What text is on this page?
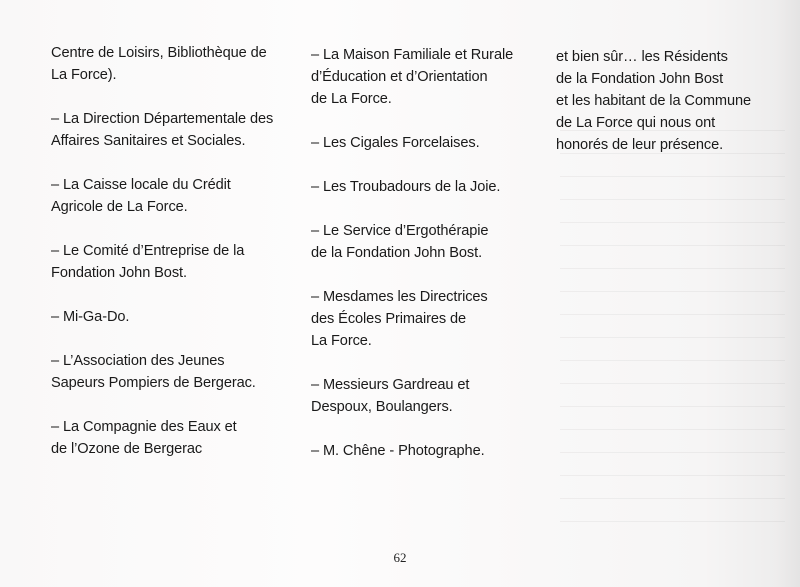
Centre de Loisirs, Bibliothèque de
La Force).

– La Direction Départementale des
Affaires Sanitaires et Sociales.

– La Caisse locale du Crédit
Agricole de La Force.

– Le Comité d’Entreprise de la
Fondation John Bost.

– Mi-Ga-Do.

– L’Association des Jeunes
Sapeurs Pompiers de Bergerac.

– La Compagnie des Eaux et
de l’Ozone de Bergerac

– La Maison Familiale et Rurale
d’Éducation et d’Orientation
de La Force.

– Les Cigales Forcelaises.

– Les Troubadours de la Joie.

– Le Service d’Ergothérapie
de la Fondation John Bost.

– Mesdames les Directrices
des Écoles Primaires de
La Force.

– Messieurs Gardreau et
Despoux, Boulangers.

– M. Chêne - Photographe.

et bien sûr… les Résidents
de la Fondation John Bost
et les habitant de la Commune
de La Force qui nous ont
honorés de leur présence.

62
